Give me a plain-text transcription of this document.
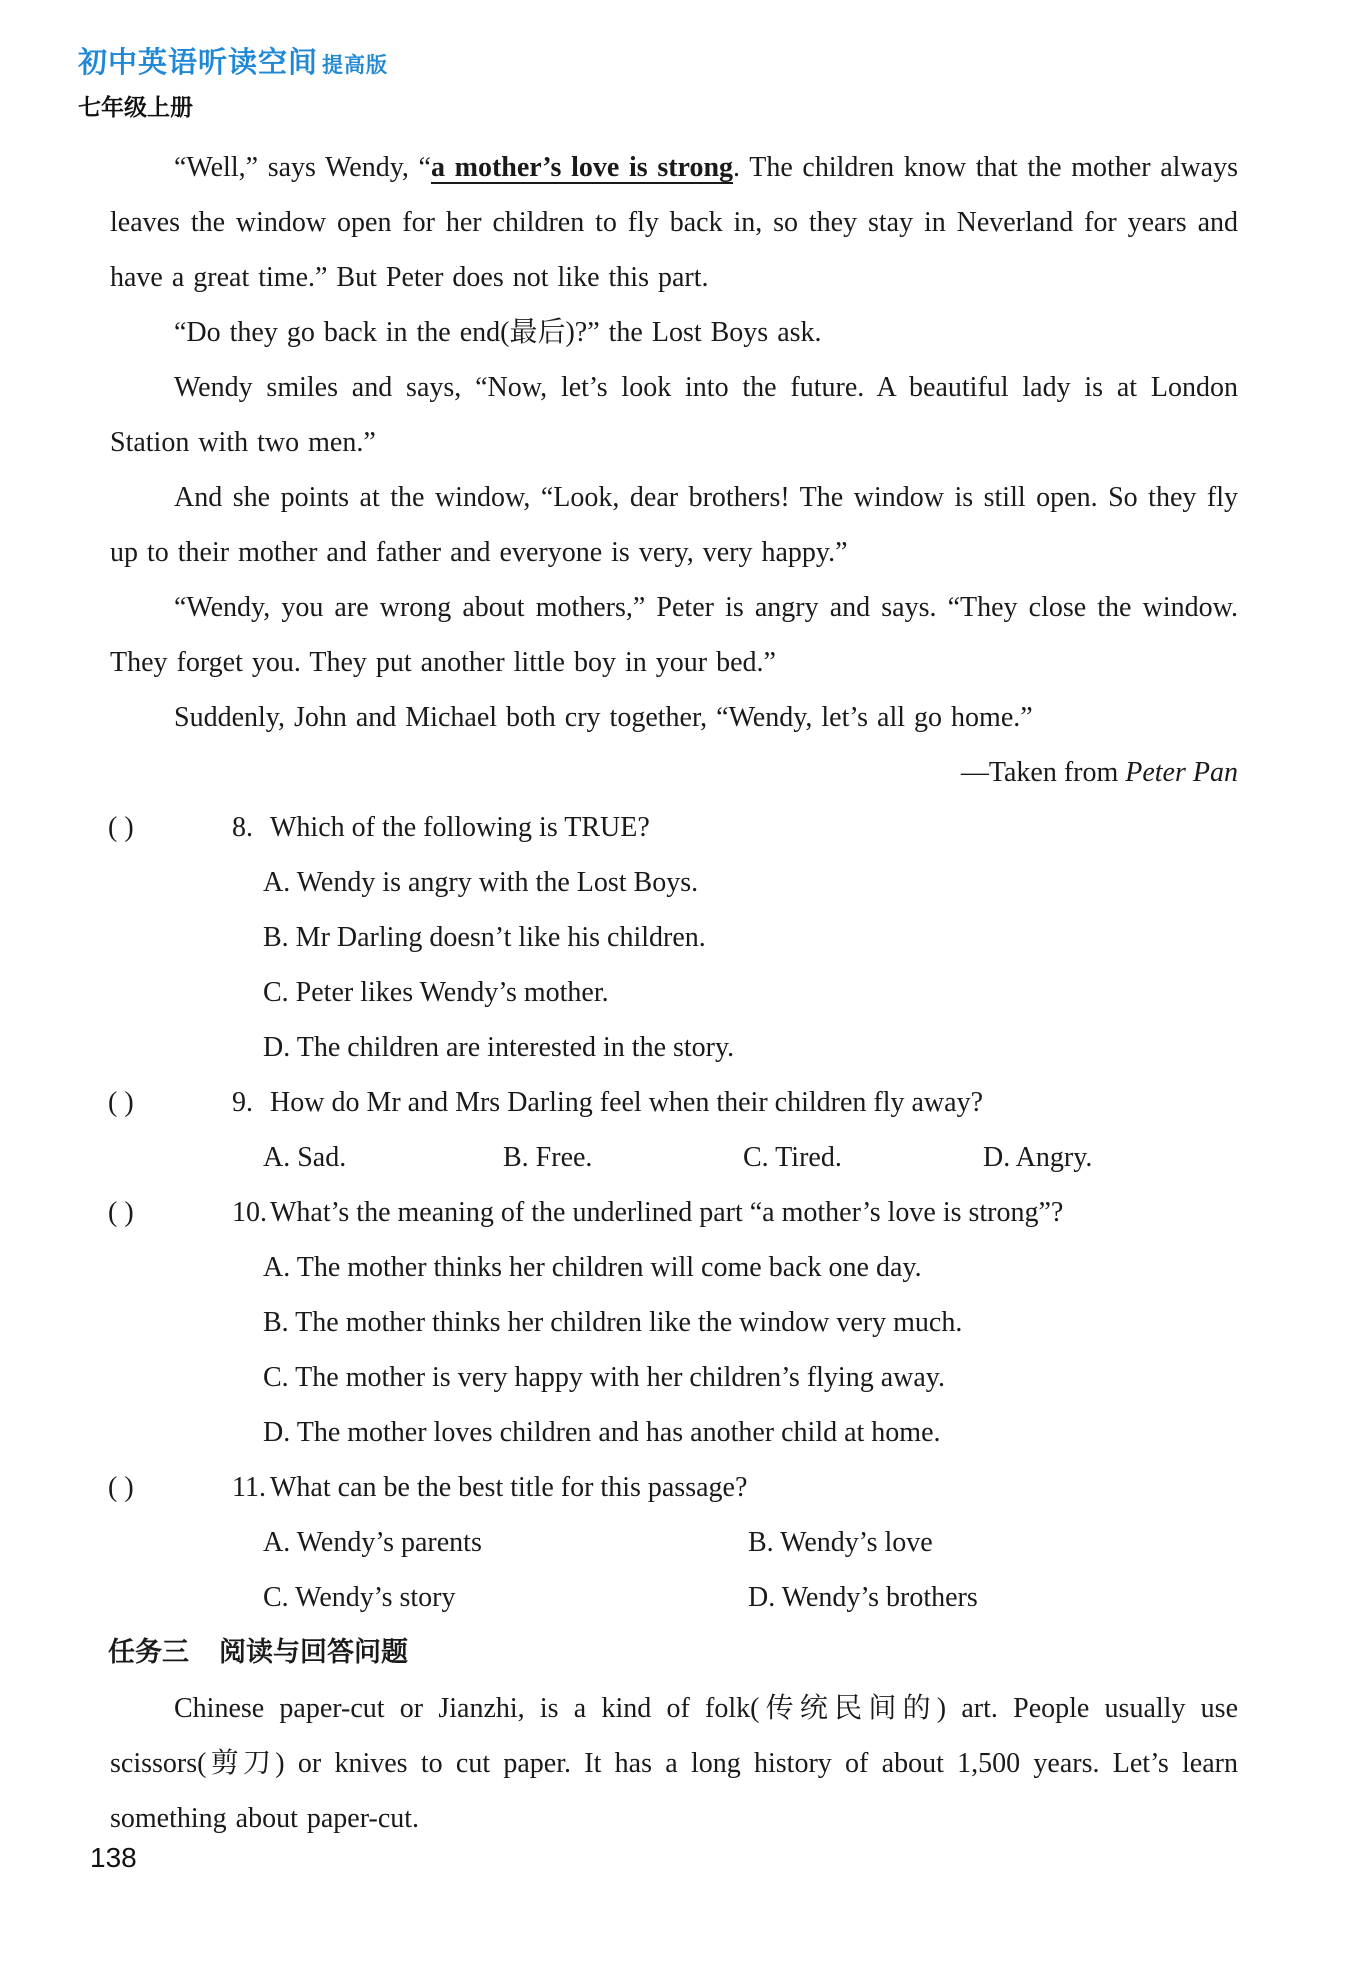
初中英语听读空间 提高版
七年级上册

“Well,” says Wendy, “a mother’s love is strong. The children know that the mother always leaves the window open for her children to fly back in, so they stay in Neverland for years and have a great time.” But Peter does not like this part.

“Do they go back in the end(最后)?” the Lost Boys ask.

Wendy smiles and says, “Now, let’s look into the future. A beautiful lady is at London Station with two men.”

And she points at the window, “Look, dear brothers! The window is still open. So they fly up to their mother and father and everyone is very, very happy.”

“Wendy, you are wrong about mothers,” Peter is angry and says. “They close the window. They forget you. They put another little boy in your bed.”

Suddenly, John and Michael both cry together, “Wendy, let’s all go home.”

—Taken from Peter Pan

( )	8. Which of the following is TRUE?
A. Wendy is angry with the Lost Boys.
B. Mr Darling doesn’t like his children.
C. Peter likes Wendy’s mother.
D. The children are interested in the story.
( )	9. How do Mr and Mrs Darling feel when their children fly away?
A. Sad.	B. Free.	C. Tired.	D. Angry.
( )	10. What’s the meaning of the underlined part “a mother’s love is strong”?
A. The mother thinks her children will come back one day.
B. The mother thinks her children like the window very much.
C. The mother is very happy with her children’s flying away.
D. The mother loves children and has another child at home.
( )	11. What can be the best title for this passage?
A. Wendy’s parents	B. Wendy’s love
C. Wendy’s story	D. Wendy’s brothers
任务三 阅读与回答问题

Chinese paper-cut or Jianzhi, is a kind of folk(传统民间的) art. People usually use scissors(剪刀) or knives to cut paper. It has a long history of about 1,500 years. Let’s learn something about paper-cut.

138
